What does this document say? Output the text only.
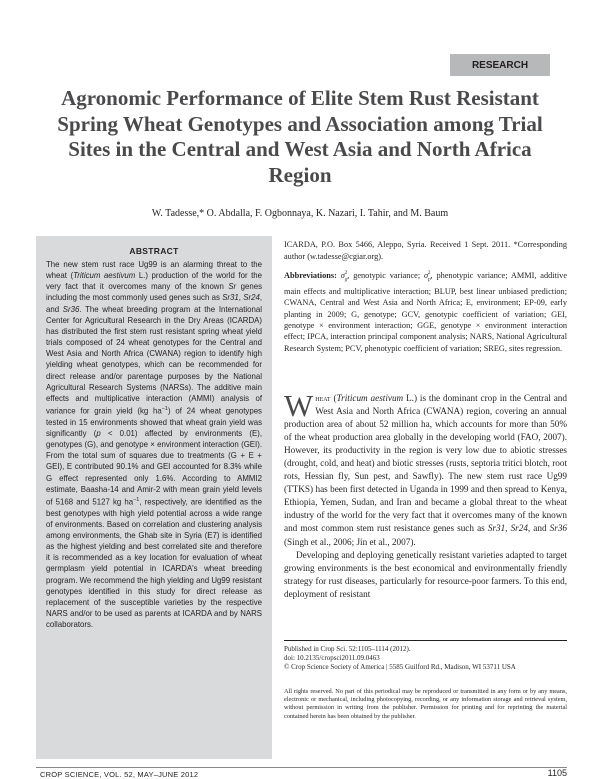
RESEARCH
Agronomic Performance of Elite Stem Rust Resistant Spring Wheat Genotypes and Association among Trial Sites in the Central and West Asia and North Africa Region
W. Tadesse,* O. Abdalla, F. Ogbonnaya, K. Nazari, I. Tahir, and M. Baum
ABSTRACT

The new stem rust race Ug99 is an alarming threat to the wheat (Triticum aestivum L.) production of the world for the very fact that it overcomes many of the known Sr genes including the most commonly used genes such as Sr31, Sr24, and Sr36. The wheat breeding program at the International Center for Agricultural Research in the Dry Areas (ICARDA) has distributed the first stem rust resistant spring wheat yield trials composed of 24 wheat genotypes for the Central and West Asia and North Africa (CWANA) region to identify high yielding wheat genotypes, which can be recommended for direct release and/or parentage purposes by the National Agricultural Research Systems (NARSs). The additive main effects and multiplicative interaction (AMMI) analysis of variance for grain yield (kg $ha^{-1}$) of 24 wheat genotypes tested in 15 environments showed that wheat grain yield was significantly (p < 0.01) affected by environments (E), genotypes (G), and genotype × environment interaction (GEI). From the total sum of squares due to treatments (G + E + GEI), E contributed 90.1% and GEI accounted for 8.3% while G effect represented only 1.6%. According to AMMI2 estimate, Baasha-14 and Amir-2 with mean grain yield levels of 5168 and 5127 kg $ha^{-1}$, respectively, are identified as the best genotypes with high yield potential across a wide range of environments. Based on correlation and clustering analysis among environments, the Ghab site in Syria (E7) is identified as the highest yielding and best correlated site and therefore it is recommended as a key location for evaluation of wheat germplasm yield potential in ICARDA's wheat breeding program. We recommend the high yielding and Ug99 resistant genotypes identified in this study for direct release as replacement of the susceptible varieties by the respective NARS and/or to be used as parents at ICARDA and by NARS collaborators.

ICARDA, P.O. Box 5466, Aleppo, Syria. Received 1 Sept. 2011. *Corresponding author (w.tadesse@cgiar.org).
Abbreviations: $\sigma_g^2$, genotypic variance; $\sigma_p^2$, phenotypic variance; AMMI, additive main effects and multiplicative interaction; BLUP, best linear unbiased prediction; CWANA, Central and West Asia and North Africa; E, environment; EP-09, early planting in 2009; G, genotype; GCV, genotypic coefficient of variation; GEI, genotype × environment interaction; GGE, genotype × environment interaction effect; IPCA, interaction principal component analysis; NARS, National Agricultural Research System; PCV, phenotypic coefficient of variation; SREG, sites regression.

Wheat (Triticum aestivum L.) is the dominant crop in the Central and West Asia and North Africa (CWANA) region, covering an annual production area of about 52 million ha, which accounts for more than 50% of the wheat production area globally in the developing world (FAO, 2007). However, its productivity in the region is very low due to abiotic stresses (drought, cold, and heat) and biotic stresses (rusts, septoria tritici blotch, root rots, Hessian fly, Sun pest, and Sawfly). The new stem rust race Ug99 (TTKS) has been first detected in Uganda in 1999 and then spread to Kenya, Ethiopia, Yemen, Sudan, and Iran and became a global threat to the wheat industry of the world for the very fact that it overcomes many of the known and most common stem rust resistance genes such as Sr31, Sr24, and Sr36 (Singh et al., 2006; Jin et al., 2007).

Developing and deploying genetically resistant varieties adapted to target growing environments is the best economical and environmentally friendly strategy for rust diseases, particularly for resource-poor farmers. To this end, deployment of resistant

Published in Crop Sci. 52:1105–1114 (2012).
doi: 10.2135/cropsci2011.09.0463
© Crop Science Society of America | 5585 Guilford Rd., Madison, WI 53711 USA
All rights reserved. No part of this periodical may be reproduced or transmitted in any form or by any means, electronic or mechanical, including photocopying, recording, or any information storage and retrieval system, without permission in writing from the publisher. Permission for printing and for reprinting the material contained herein has been obtained by the publisher.
CROP SCIENCE, VOL. 52, MAY–JUNE 2012	1105
